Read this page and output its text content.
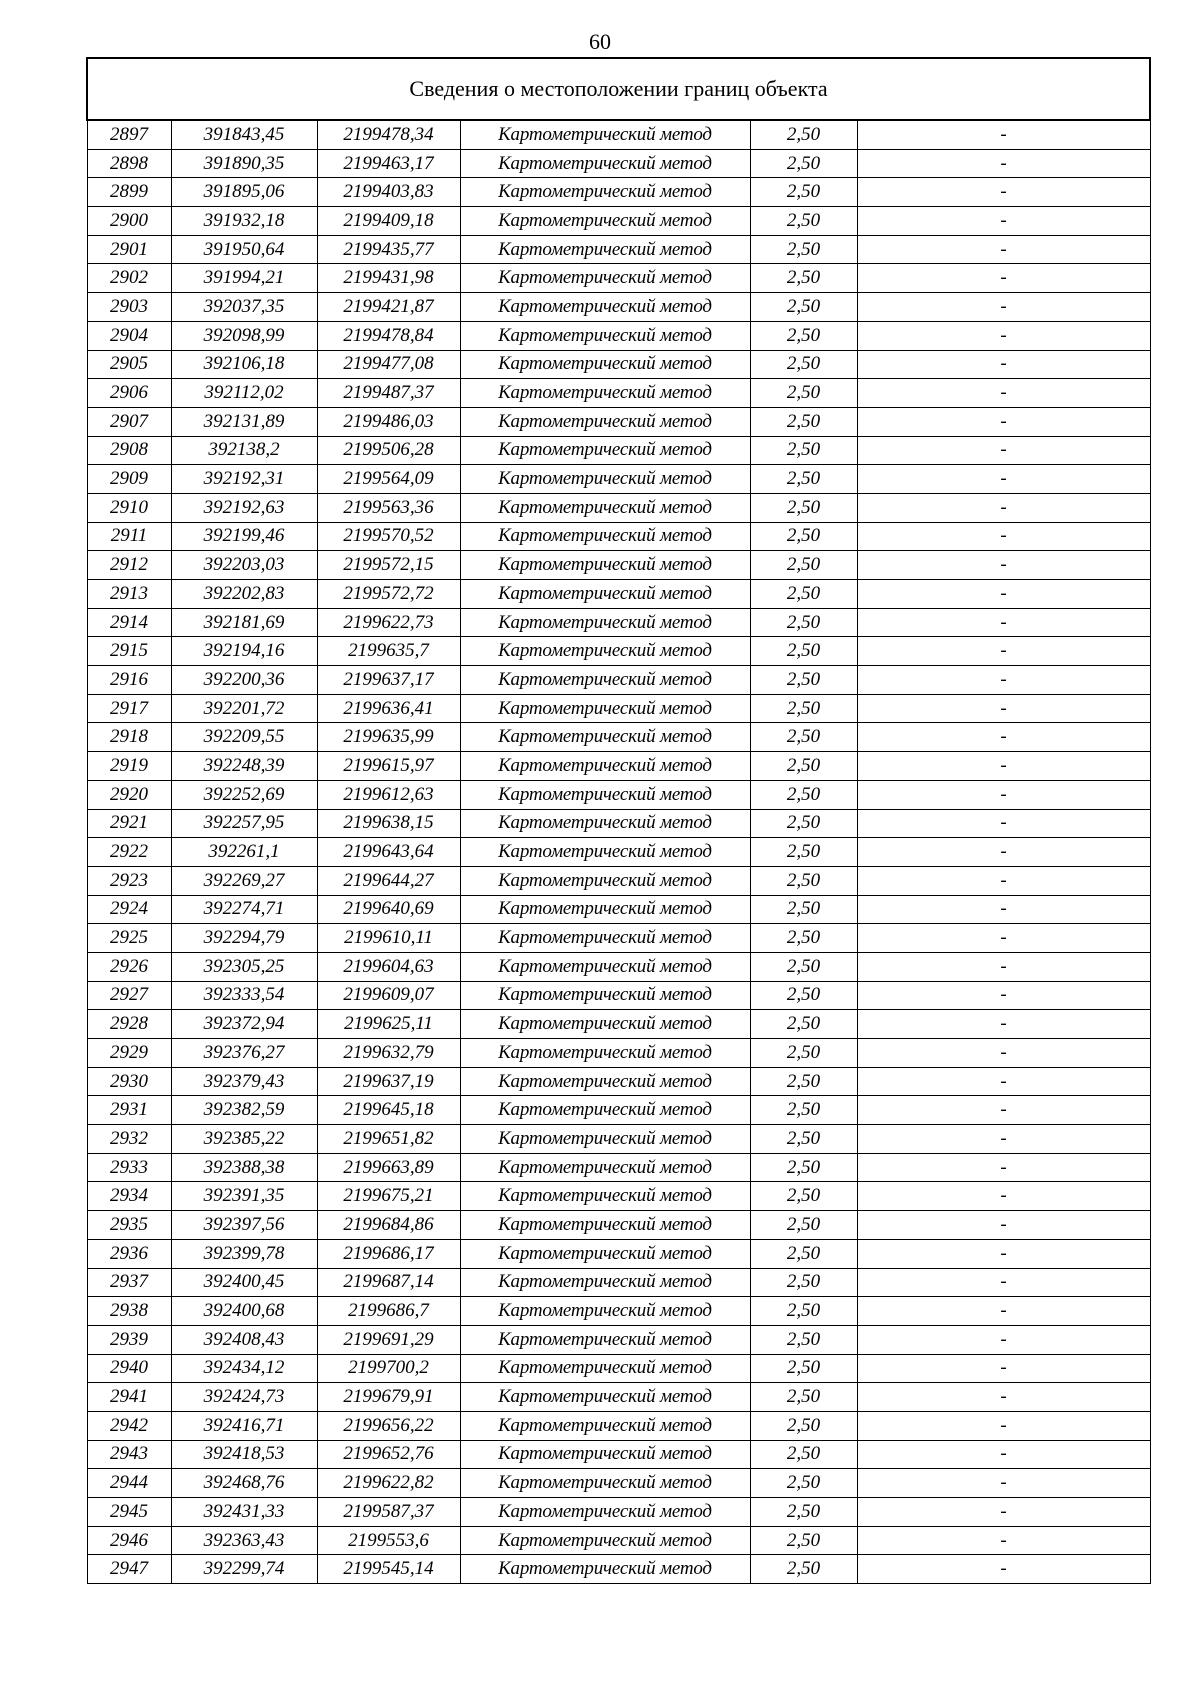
60
Сведения о местоположении границ объекта					
2897	391843,45	2199478,34	Картометрический метод	2,50	-
2898	391890,35	2199463,17	Картометрический метод	2,50	-
2899	391895,06	2199403,83	Картометрический метод	2,50	-
2900	391932,18	2199409,18	Картометрический метод	2,50	-
2901	391950,64	2199435,77	Картометрический метод	2,50	-
2902	391994,21	2199431,98	Картометрический метод	2,50	-
2903	392037,35	2199421,87	Картометрический метод	2,50	-
2904	392098,99	2199478,84	Картометрический метод	2,50	-
2905	392106,18	2199477,08	Картометрический метод	2,50	-
2906	392112,02	2199487,37	Картометрический метод	2,50	-
2907	392131,89	2199486,03	Картометрический метод	2,50	-
2908	392138,2	2199506,28	Картометрический метод	2,50	-
2909	392192,31	2199564,09	Картометрический метод	2,50	-
2910	392192,63	2199563,36	Картометрический метод	2,50	-
2911	392199,46	2199570,52	Картометрический метод	2,50	-
2912	392203,03	2199572,15	Картометрический метод	2,50	-
2913	392202,83	2199572,72	Картометрический метод	2,50	-
2914	392181,69	2199622,73	Картометрический метод	2,50	-
2915	392194,16	2199635,7	Картометрический метод	2,50	-
2916	392200,36	2199637,17	Картометрический метод	2,50	-
2917	392201,72	2199636,41	Картометрический метод	2,50	-
2918	392209,55	2199635,99	Картометрический метод	2,50	-
2919	392248,39	2199615,97	Картометрический метод	2,50	-
2920	392252,69	2199612,63	Картометрический метод	2,50	-
2921	392257,95	2199638,15	Картометрический метод	2,50	-
2922	392261,1	2199643,64	Картометрический метод	2,50	-
2923	392269,27	2199644,27	Картометрический метод	2,50	-
2924	392274,71	2199640,69	Картометрический метод	2,50	-
2925	392294,79	2199610,11	Картометрический метод	2,50	-
2926	392305,25	2199604,63	Картометрический метод	2,50	-
2927	392333,54	2199609,07	Картометрический метод	2,50	-
2928	392372,94	2199625,11	Картометрический метод	2,50	-
2929	392376,27	2199632,79	Картометрический метод	2,50	-
2930	392379,43	2199637,19	Картометрический метод	2,50	-
2931	392382,59	2199645,18	Картометрический метод	2,50	-
2932	392385,22	2199651,82	Картометрический метод	2,50	-
2933	392388,38	2199663,89	Картометрический метод	2,50	-
2934	392391,35	2199675,21	Картометрический метод	2,50	-
2935	392397,56	2199684,86	Картометрический метод	2,50	-
2936	392399,78	2199686,17	Картометрический метод	2,50	-
2937	392400,45	2199687,14	Картометрический метод	2,50	-
2938	392400,68	2199686,7	Картометрический метод	2,50	-
2939	392408,43	2199691,29	Картометрический метод	2,50	-
2940	392434,12	2199700,2	Картометрический метод	2,50	-
2941	392424,73	2199679,91	Картометрический метод	2,50	-
2942	392416,71	2199656,22	Картометрический метод	2,50	-
2943	392418,53	2199652,76	Картометрический метод	2,50	-
2944	392468,76	2199622,82	Картометрический метод	2,50	-
2945	392431,33	2199587,37	Картометрический метод	2,50	-
2946	392363,43	2199553,6	Картометрический метод	2,50	-
2947	392299,74	2199545,14	Картометрический метод	2,50	-
